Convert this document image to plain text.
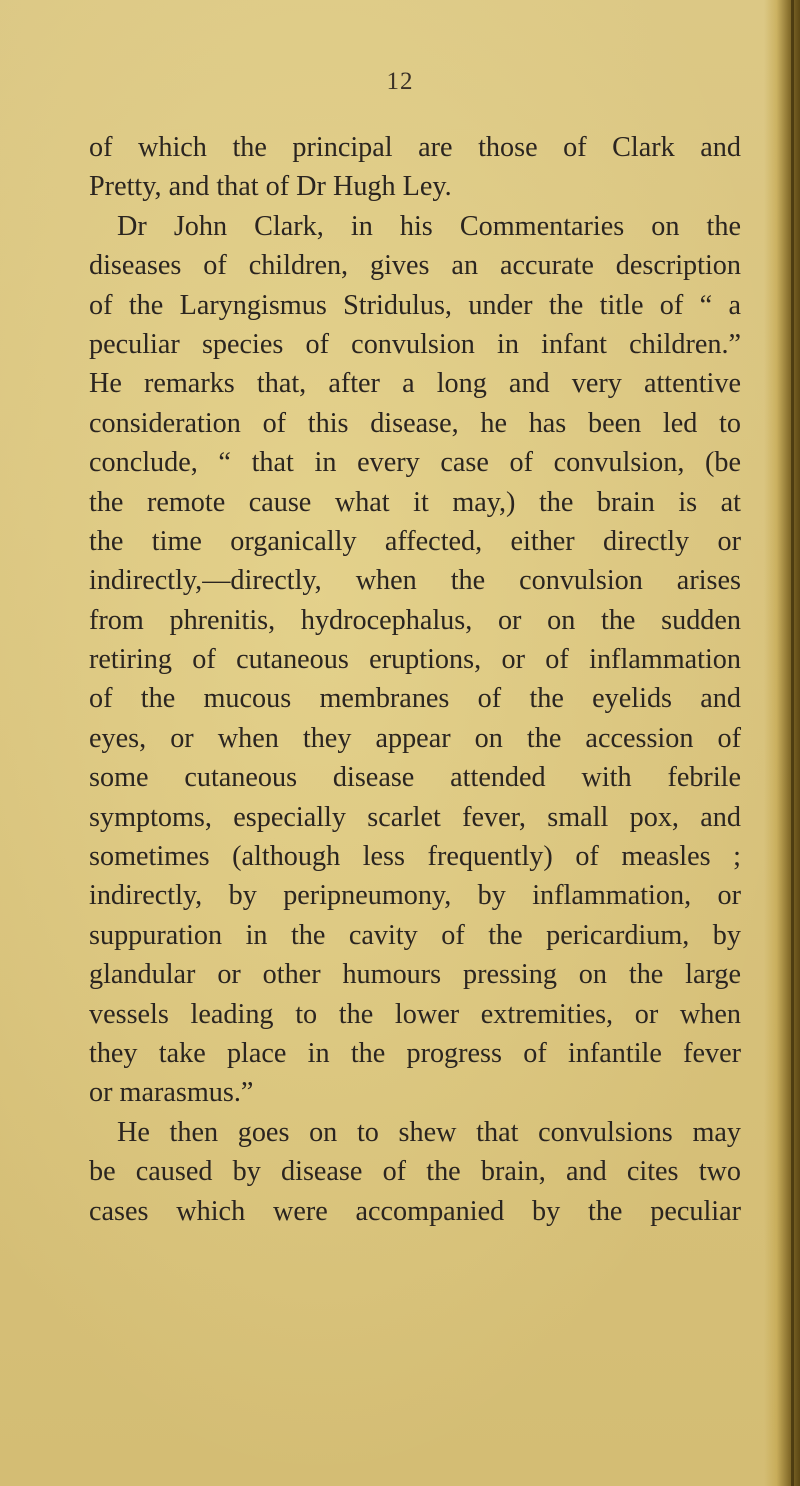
12
of which the principal are those of Clark and
Pretty, and that of Dr Hugh Ley.
Dr John Clark, in his Commentaries on the
diseases of children, gives an accurate description
of the Laryngismus Stridulus, under the title of “ a
peculiar species of convulsion in infant children.”
He remarks that, after a long and very attentive
consideration of this disease, he has been led to
conclude, “ that in every case of convulsion, (be
the remote cause what it may,) the brain is at
the time organically affected, either directly or
indirectly,—directly, when the convulsion arises
from phrenitis, hydrocephalus, or on the sudden
retiring of cutaneous eruptions, or of inflammation
of the mucous membranes of the eyelids and
eyes, or when they appear on the accession of
some cutaneous disease attended with febrile
symptoms, especially scarlet fever, small pox, and
sometimes (although less frequently) of measles ;
indirectly, by peripneumony, by inflammation, or
suppuration in the cavity of the pericardium, by
glandular or other humours pressing on the large
vessels leading to the lower extremities, or when
they take place in the progress of infantile fever
or marasmus.”
He then goes on to shew that convulsions may
be caused by disease of the brain, and cites two
cases which were accompanied by the peculiar
